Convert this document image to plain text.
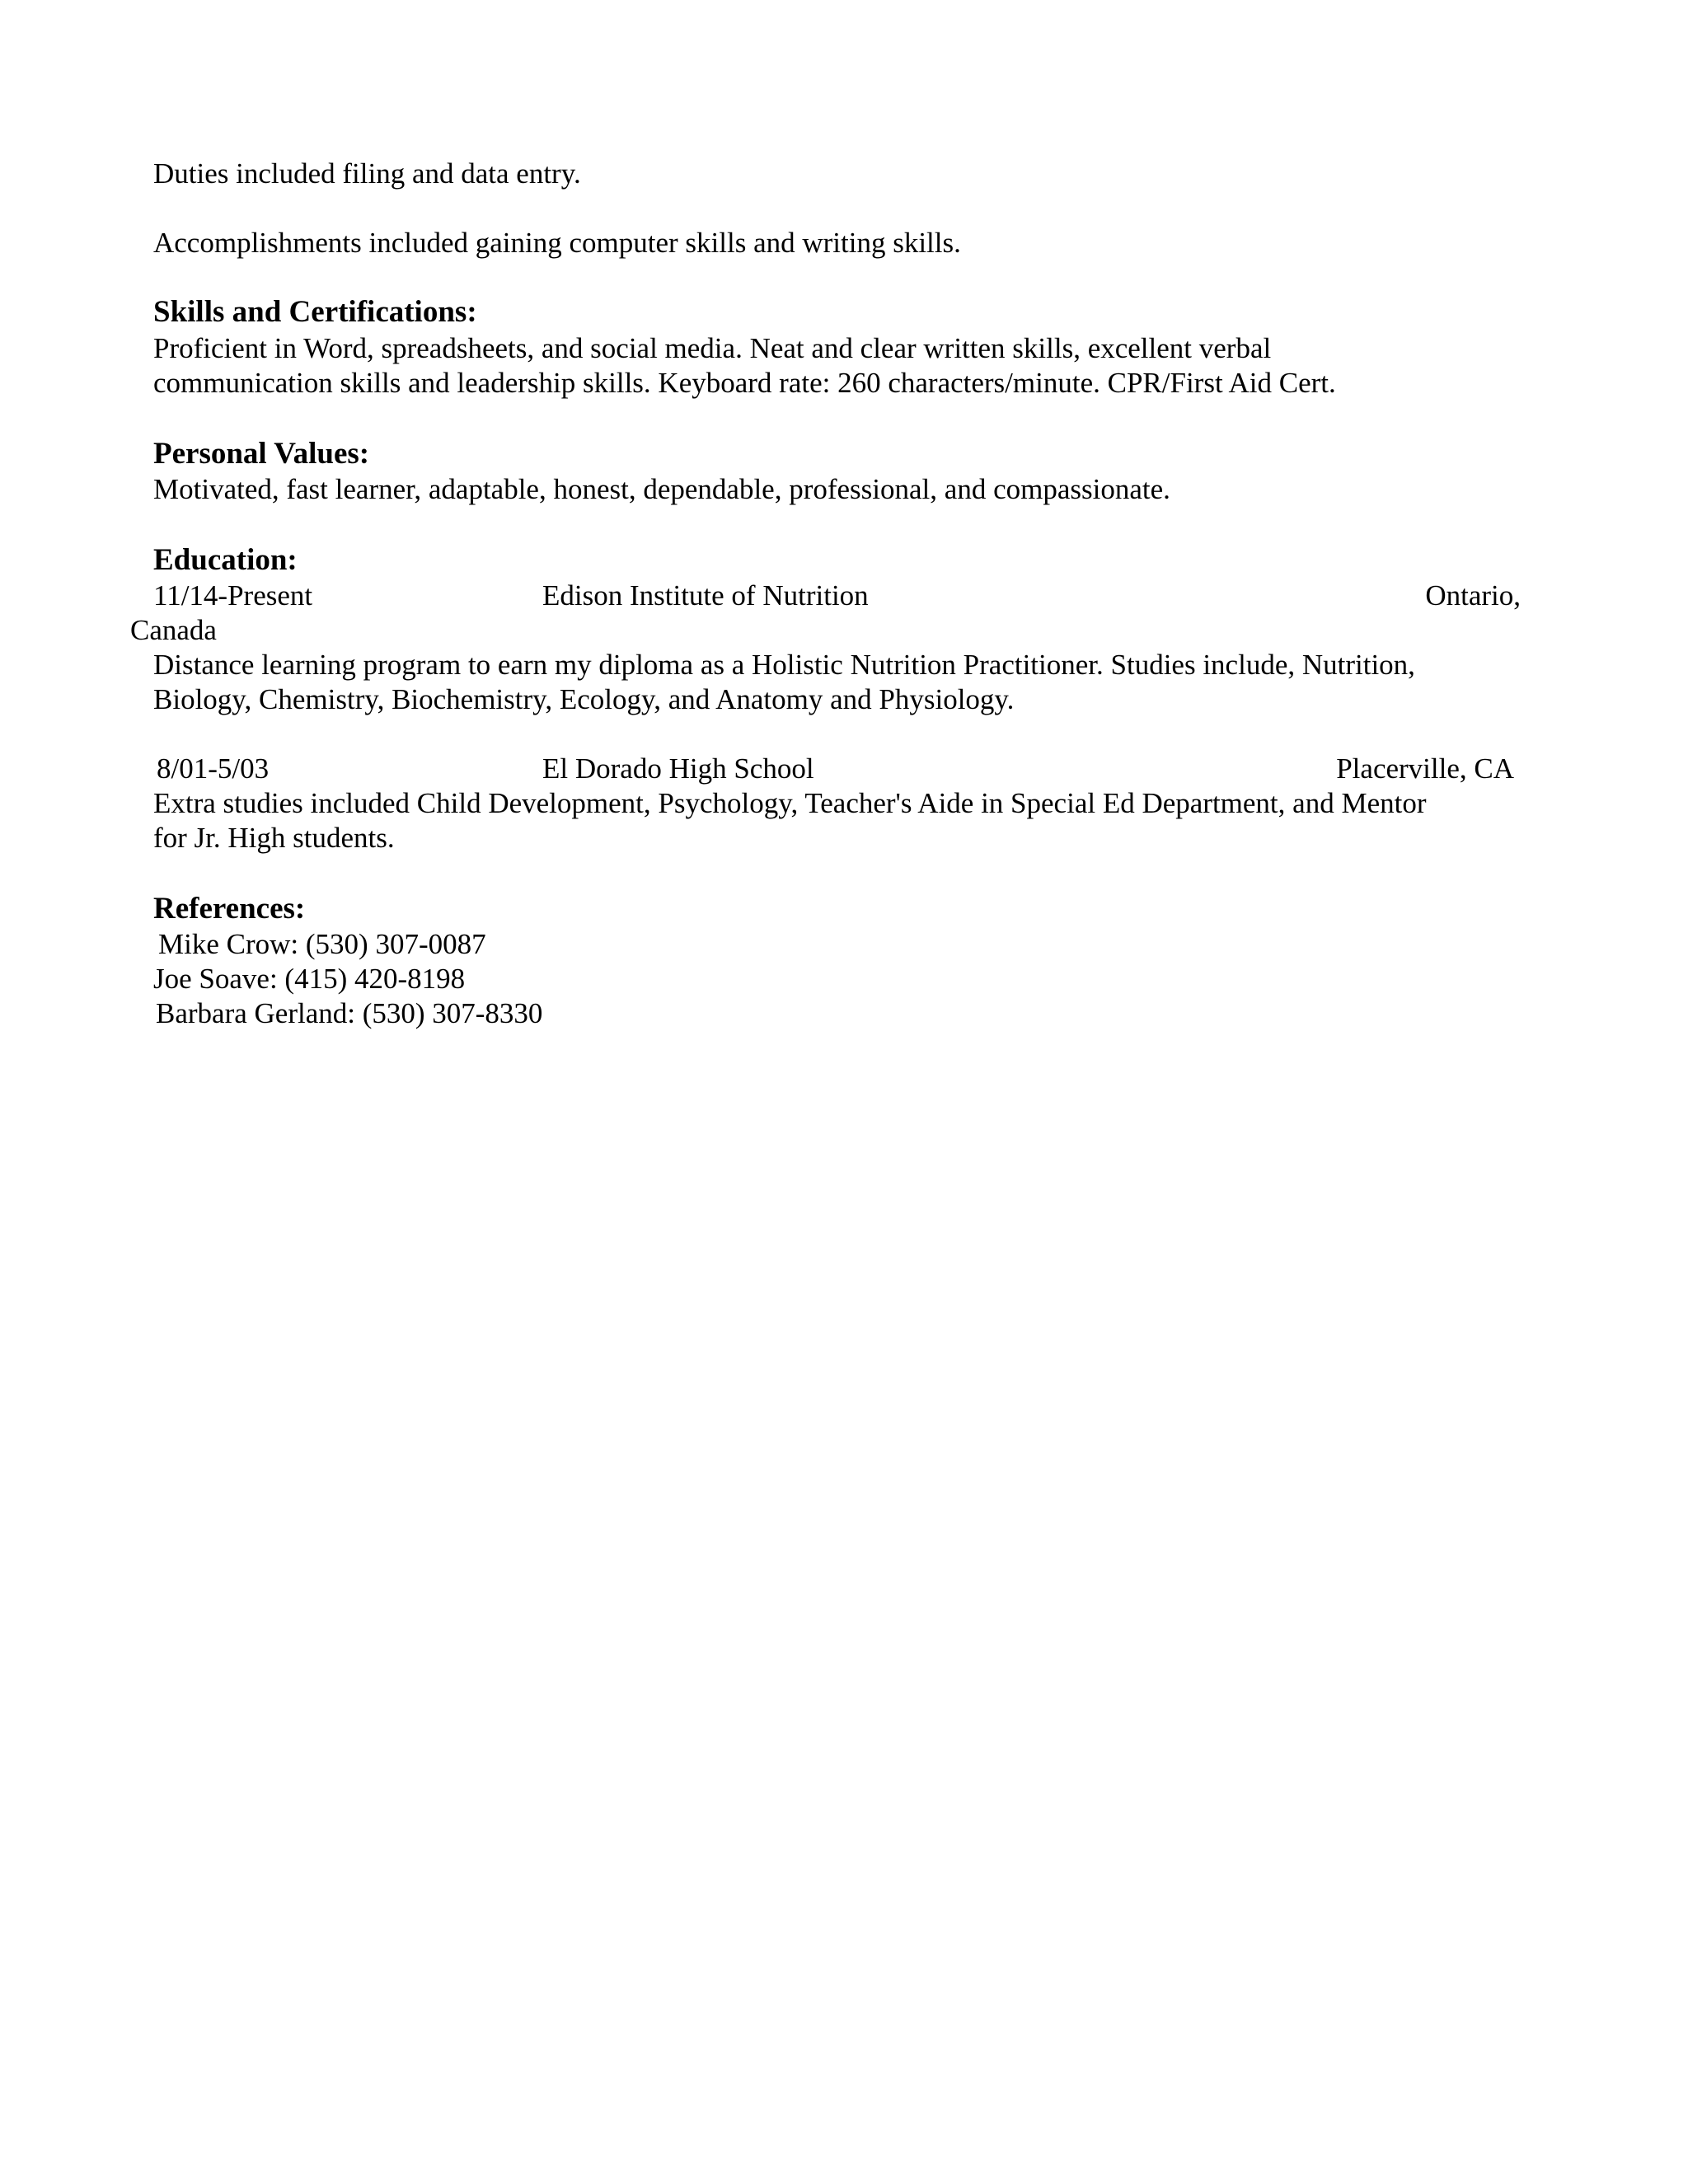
Duties included filing and data entry.
Accomplishments included gaining computer skills and writing skills.
Skills and Certifications:
Proficient in Word, spreadsheets, and social media. Neat and clear written skills, excellent verbal
communication skills and leadership skills. Keyboard rate: 260 characters/minute. CPR/First Aid Cert.
Personal Values:
Motivated, fast learner, adaptable, honest, dependable, professional, and compassionate.
Education:
11/14-Present	Edison Institute of Nutrition	Ontario,
Canada
Distance learning program to earn my diploma as a Holistic Nutrition Practitioner. Studies include, Nutrition,
Biology, Chemistry, Biochemistry, Ecology, and Anatomy and Physiology.
8/01-5/03	El Dorado High School	Placerville, CA
Extra studies included Child Development, Psychology, Teacher's Aide in Special Ed Department, and Mentor
for Jr. High students.
References:
Mike Crow: (530) 307-0087
Joe Soave: (415) 420-8198
Barbara Gerland: (530) 307-8330
